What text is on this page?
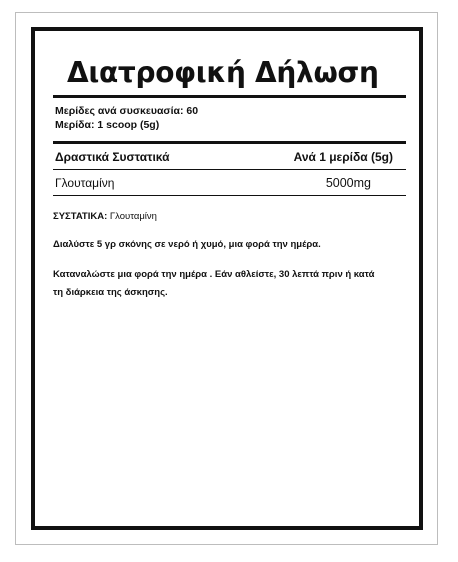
Διατροφική Δήλωση
Μερίδες ανά συσκευασία: 60
Μερίδα: 1 scoop (5g)
Δραστικά Συστατικά	Ανά 1 μερίδα (5g)
Γλουταμίνη	5000mg

ΣΥΣΤΑΤΙΚΑ: Γλουταμίνη

Διαλύστε 5 γρ σκόνης σε νερό ή χυμό, μια φορά την ημέρα.

Καταναλώστε μια φορά την ημέρα . Εάν αθλείστε, 30 λεπτά πριν ή κατά
τη διάρκεια της άσκησης.
